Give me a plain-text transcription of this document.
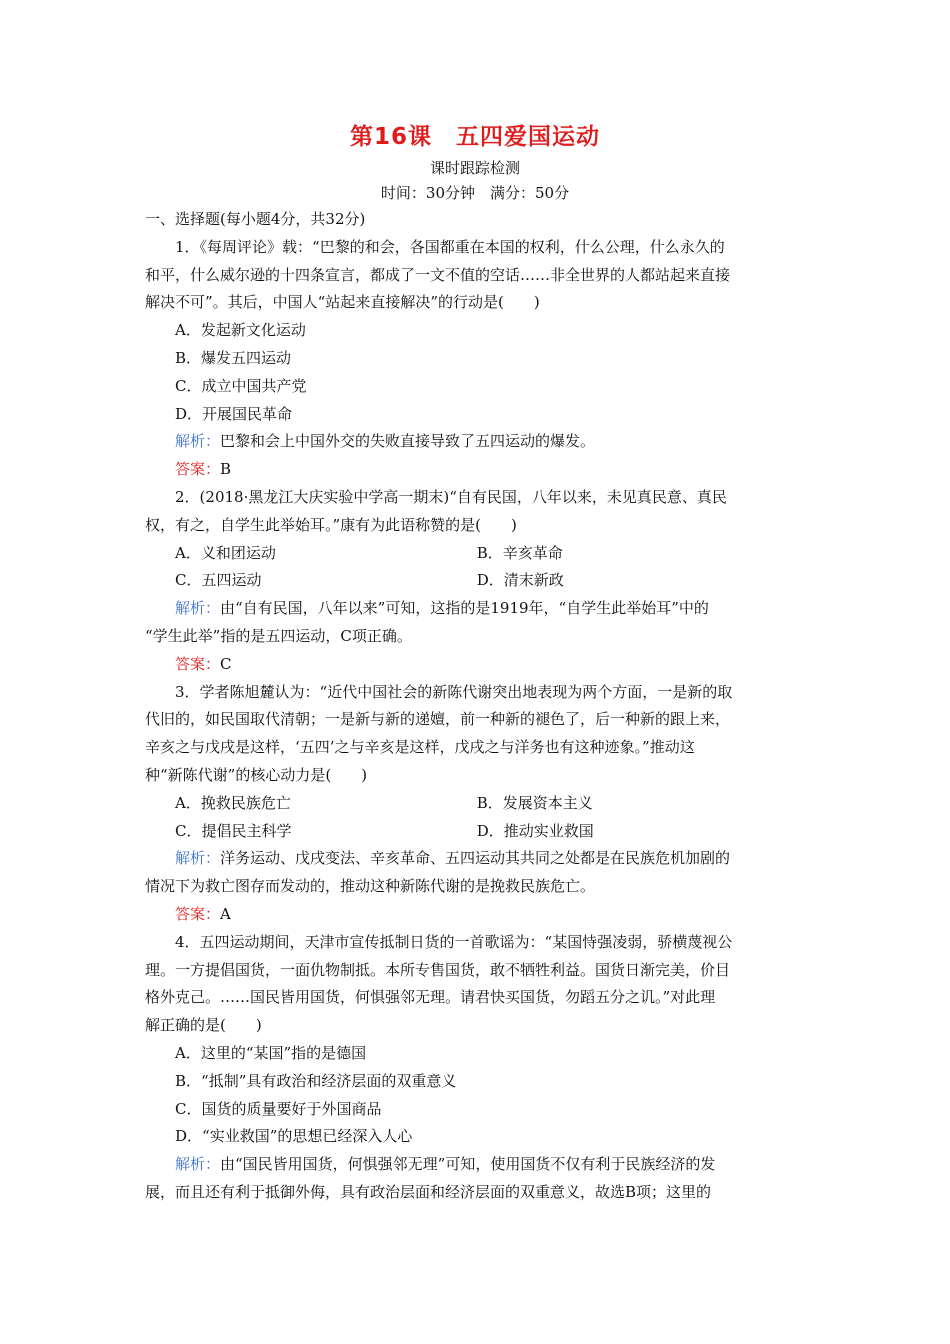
第16课　五四爱国运动
课时跟踪检测
时间：30分钟　满分：50分

一、选择题(每小题4分，共32分)

1．《每周评论》载：“巴黎的和会，各国都重在本国的权利，什么公理，什么永久的

和平，什么威尔逊的十四条宣言，都成了一文不值的空话……非全世界的人都站起来直接
解决不可”。其后，中国人“站起来直接解决”的行动是(　　)

A．发起新文化运动

B．爆发五四运动

C．成立中国共产党

D．开展国民革命

解析：巴黎和会上中国外交的失败直接导致了五四运动的爆发。

答案：B

2．(2018·黑龙江大庆实验中学高一期末)“自有民国，八年以来，未见真民意、真民

权，有之，自学生此举始耳。”康有为此语称赞的是(　　)

A．义和团运动	B．辛亥革命
C．五四运动	D．清末新政

解析：由“自有民国，八年以来”可知，这指的是1919年，“自学生此举始耳”中的

“学生此举”指的是五四运动，C项正确。

答案：C

3．学者陈旭麓认为：“近代中国社会的新陈代谢突出地表现为两个方面，一是新的取

代旧的，如民国取代清朝；一是新与新的递嬗，前一种新的褪色了，后一种新的跟上来，
辛亥之与戊戌是这样，‘五四’之与辛亥是这样，戊戌之与洋务也有这种迹象。”推动这
种“新陈代谢”的核心动力是(　　)

A．挽救民族危亡	B．发展资本主义
C．提倡民主科学	D．推动实业救国

解析：洋务运动、戊戌变法、辛亥革命、五四运动其共同之处都是在民族危机加剧的

情况下为救亡图存而发动的，推动这种新陈代谢的是挽救民族危亡。

答案：A

4．五四运动期间，天津市宣传抵制日货的一首歌谣为：“某国恃强凌弱，骄横蔑视公

理。一方提倡国货，一面仇物制抵。本所专售国货，敢不牺牲利益。国货日渐完美，价目
格外克己。……国民皆用国货，何惧强邻无理。请君快买国货，勿蹈五分之讥。”对此理
解正确的是(　　)

A．这里的“某国”指的是德国

B．“抵制”具有政治和经济层面的双重意义

C．国货的质量要好于外国商品

D．“实业救国”的思想已经深入人心

解析：由“国民皆用国货，何惧强邻无理”可知，使用国货不仅有利于民族经济的发

展，而且还有利于抵御外侮，具有政治层面和经济层面的双重意义，故选B项；这里的
